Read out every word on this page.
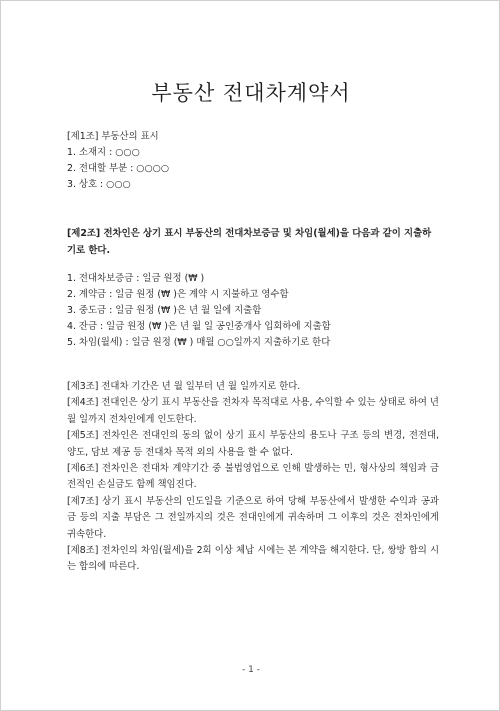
부동산 전대차계약서
[제1조] 부동산의 표시
1. 소재지 : ○○○
2. 전대할 부분 : ○○○○
3. 상호 : ○○○
[제2조] 전차인은 상기 표시 부동산의 전대차보증금 및 차임(월세)을 다음과 같이 지출하기로 한다.
1. 전대차보증금 : 일금 원정 (₩ )
2. 계약금 : 일금 원정 (₩ )은 계약 시 지불하고 영수함
3. 중도금 : 일금 원정 (₩ )은 년 월 일에 지출함
4. 잔금 : 일금 원정 (₩ )은 년 월 일 공인중개사 입회하에 지출함
5. 차임(월세) : 일금 원정 (₩ ) 매월 ○○일까지 지출하기로 한다

[제3조] 전대차 기간은 년 월 일부터 년 월 일까지로 한다.

[제4조] 전대인은 상기 표시 부동산을 전차자 목적대로 사용, 수익할 수 있는 상태로 하여 년 월 일까지 전차인에게 인도한다.

[제5조] 전차인은 전대인의 동의 없이 상기 표시 부동산의 용도나 구조 등의 변경, 전전대, 양도, 담보 제공 등 전대차 목적 외의 사용을 할 수 없다.

[제6조] 전차인은 전대차 계약기간 중 불법영업으로 인해 발생하는 민, 형사상의 책임과 금전적인 손실금도 함께 책임진다.

[제7조] 상기 표시 부동산의 인도일을 기준으로 하여 당해 부동산에서 발생한 수익과 공과금 등의 지출 부담은 그 전일까지의 것은 전대인에게 귀속하며 그 이후의 것은 전차인에게 귀속한다.

[제8조] 전차인의 차임(월세)을 2회 이상 체납 시에는 본 계약을 해지한다. 단, 쌍방 합의 시는 합의에 따른다.

- 1 -
